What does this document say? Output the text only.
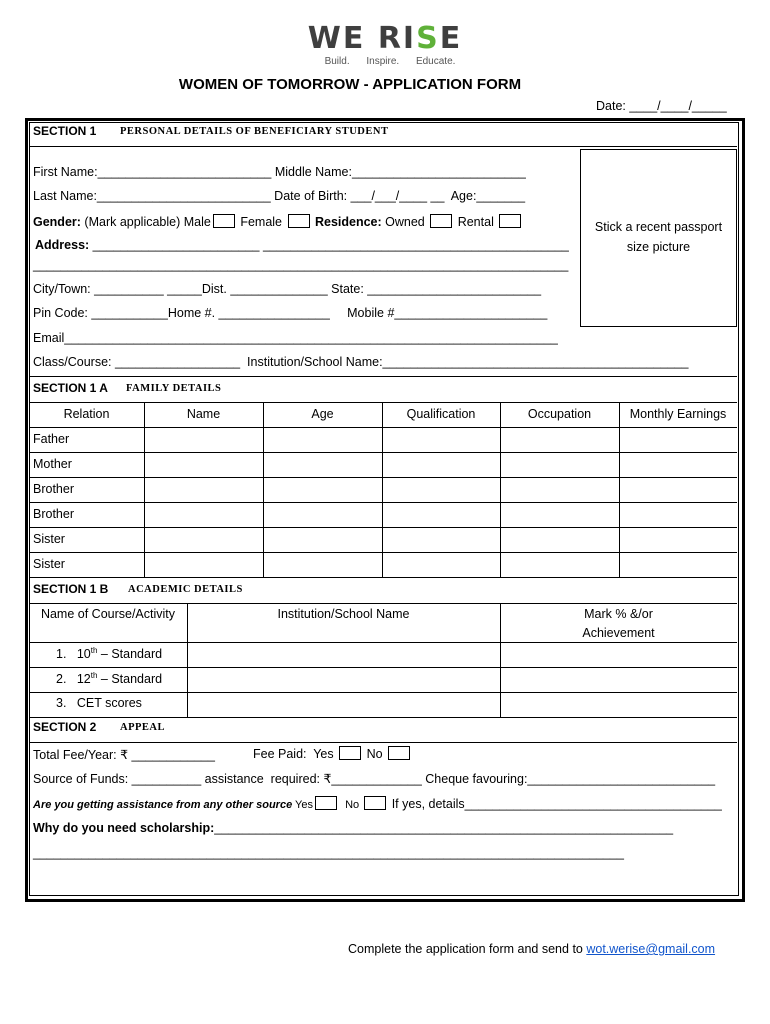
WE RISE
Build. Inspire. Educate.
WOMEN OF TOMORROW - APPLICATION FORM
Date: ____/____/_____
SECTION 1 PERSONAL DETAILS OF BENEFICIARY STUDENT
First Name:_________________________ Middle Name:_________________________
Last Name:_________________________ Date of Birth: ___/___/____ __  Age:_______
Gender: (Mark applicable) Male Female  Residence: Owned  Rental
Address: ________________________ ____________________________________________
_____________________________________________________________________________
City/Town: __________ _____Dist. ______________ State: _________________________
Pin Code: ___________Home #. ________________     Mobile #______________________
Email_______________________________________________________________________
Class/Course: __________________  Institution/School Name:____________________________________________
Stick a recent passport size picture
SECTION 1 A FAMILY DETAILS
Relation	Name	Age	Qualification	Occupation	Monthly Earnings
Father
Mother
Brother
Brother
Sister
Sister
SECTION 1 B ACADEMIC DETAILS
Name of Course/Activity	Institution/School Name	Mark % &/or
Achievement
1. 10th – Standard
2. 12th – Standard
3. CET scores
SECTION 2 APPEAL
Total Fee/Year: ₹ ____________	Fee Paid:  Yes  No
Source of Funds: __________ assistance  required: ₹_____________ Cheque favouring:___________________________
Are you getting assistance from any other source Yes  No  If yes, details_____________________________________
Why do you need scholarship:__________________________________________________________________
_____________________________________________________________________________________
Complete the application form and send to wot.werise@gmail.com
